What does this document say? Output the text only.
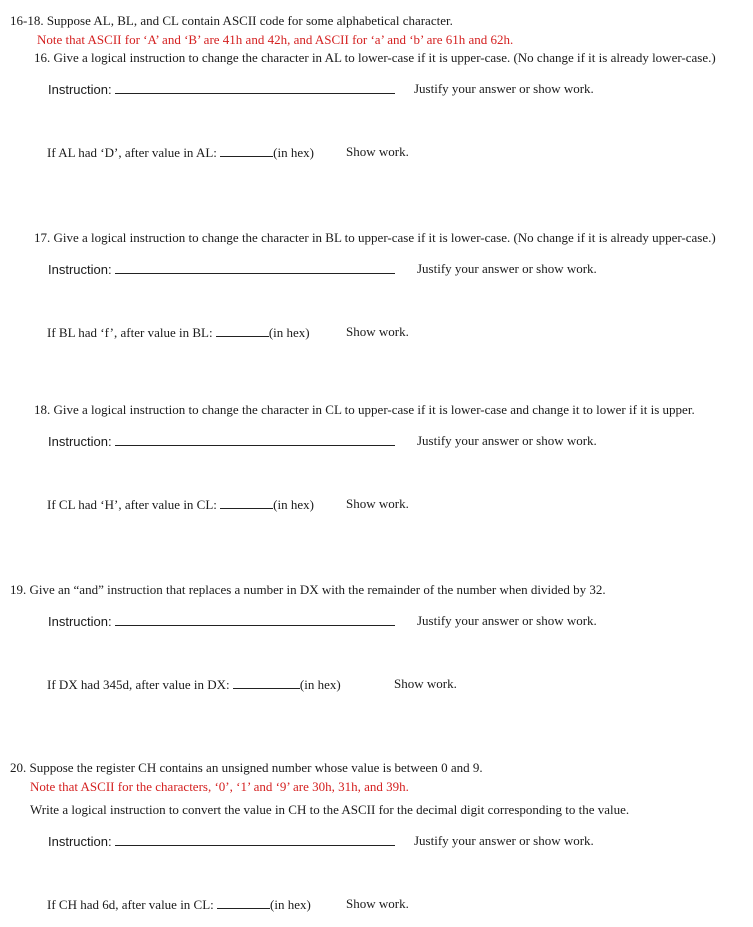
16-18. Suppose AL, BL, and CL contain ASCII code for some alphabetical character.
Note that ASCII for ‘A’ and ‘B’ are 41h and 42h, and ASCII for ‘a’ and ‘b’ are 61h and 62h.
16. Give a logical instruction to change the character in AL to lower-case if it is upper-case. (No change if it is already lower-case.)
Instruction:	Justify your answer or show work.
If AL had ‘D’, after value in AL:	(in hex) Show work.
17. Give a logical instruction to change the character in BL to upper-case if it is lower-case. (No change if it is already upper-case.)
Instruction:	Justify your answer or show work.
If BL had ‘f’, after value in BL:	(in hex)	Show work.
18. Give a logical instruction to change the character in CL to upper-case if it is lower-case and change it to lower if it is upper.
Instruction:	Justify your answer or show work.
If CL had ‘H’, after value in CL:	(in hex) Show work.
19. Give an “and” instruction that replaces a number in DX with the remainder of the number when divided by 32.
Instruction:	Justify your answer or show work.
If DX had 345d, after value in DX:	(in hex)	Show work.
20. Suppose the register CH contains an unsigned number whose value is between 0 and 9.
Note that ASCII for the characters, ‘0’, ‘1’ and ‘9’ are 30h, 31h, and 39h.
Write a logical instruction to convert the value in CH to the ASCII for the decimal digit corresponding to the value.
Instruction:	Justify your answer or show work.
If CH had 6d, after value in CL:	(in hex)	Show work.
